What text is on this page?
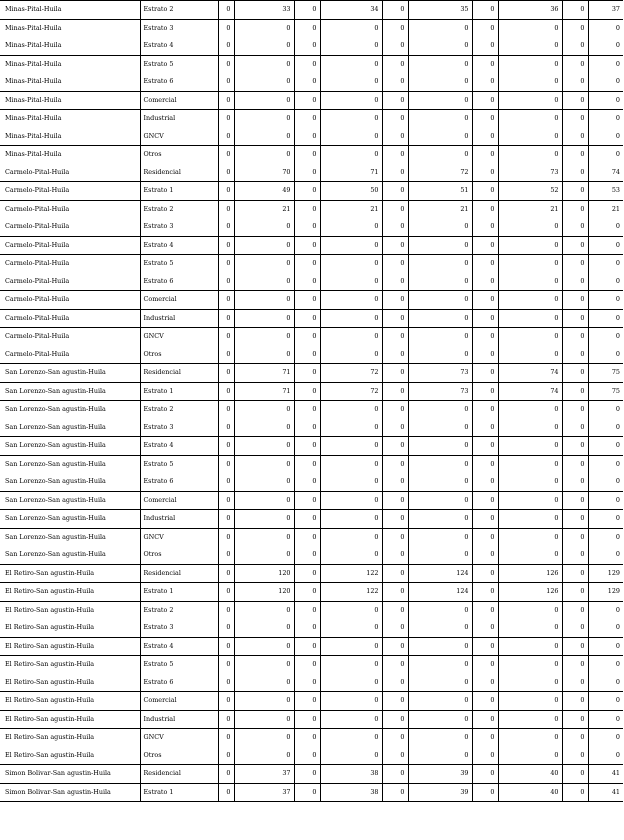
Minas-Pital-Huila	Estrato 2	0	33	0	34	0	35	0	36	0	37
Minas-Pital-Huila	Estrato 3	0	0	0	0	0	0	0	0	0	0
Minas-Pital-Huila	Estrato 4	0	0	0	0	0	0	0	0	0	0
Minas-Pital-Huila	Estrato 5	0	0	0	0	0	0	0	0	0	0
Minas-Pital-Huila	Estrato 6	0	0	0	0	0	0	0	0	0	0
Minas-Pital-Huila	Comercial	0	0	0	0	0	0	0	0	0	0
Minas-Pital-Huila	Industrial	0	0	0	0	0	0	0	0	0	0
Minas-Pital-Huila	GNCV	0	0	0	0	0	0	0	0	0	0
Minas-Pital-Huila	Otros	0	0	0	0	0	0	0	0	0	0
Carmelo-Pital-Huila	Residencial	0	70	0	71	0	72	0	73	0	74
Carmelo-Pital-Huila	Estrato 1	0	49	0	50	0	51	0	52	0	53
Carmelo-Pital-Huila	Estrato 2	0	21	0	21	0	21	0	21	0	21
Carmelo-Pital-Huila	Estrato 3	0	0	0	0	0	0	0	0	0	0
Carmelo-Pital-Huila	Estrato 4	0	0	0	0	0	0	0	0	0	0
Carmelo-Pital-Huila	Estrato 5	0	0	0	0	0	0	0	0	0	0
Carmelo-Pital-Huila	Estrato 6	0	0	0	0	0	0	0	0	0	0
Carmelo-Pital-Huila	Comercial	0	0	0	0	0	0	0	0	0	0
Carmelo-Pital-Huila	Industrial	0	0	0	0	0	0	0	0	0	0
Carmelo-Pital-Huila	GNCV	0	0	0	0	0	0	0	0	0	0
Carmelo-Pital-Huila	Otros	0	0	0	0	0	0	0	0	0	0
San Lorenzo-San agustin-Huila	Residencial	0	71	0	72	0	73	0	74	0	75
San Lorenzo-San agustin-Huila	Estrato 1	0	71	0	72	0	73	0	74	0	75
San Lorenzo-San agustin-Huila	Estrato 2	0	0	0	0	0	0	0	0	0	0
San Lorenzo-San agustin-Huila	Estrato 3	0	0	0	0	0	0	0	0	0	0
San Lorenzo-San agustin-Huila	Estrato 4	0	0	0	0	0	0	0	0	0	0
San Lorenzo-San agustin-Huila	Estrato 5	0	0	0	0	0	0	0	0	0	0
San Lorenzo-San agustin-Huila	Estrato 6	0	0	0	0	0	0	0	0	0	0
San Lorenzo-San agustin-Huila	Comercial	0	0	0	0	0	0	0	0	0	0
San Lorenzo-San agustin-Huila	Industrial	0	0	0	0	0	0	0	0	0	0
San Lorenzo-San agustin-Huila	GNCV	0	0	0	0	0	0	0	0	0	0
San Lorenzo-San agustin-Huila	Otros	0	0	0	0	0	0	0	0	0	0
El Retiro-San agustin-Huila	Residencial	0	120	0	122	0	124	0	126	0	129
El Retiro-San agustin-Huila	Estrato 1	0	120	0	122	0	124	0	126	0	129
El Retiro-San agustin-Huila	Estrato 2	0	0	0	0	0	0	0	0	0	0
El Retiro-San agustin-Huila	Estrato 3	0	0	0	0	0	0	0	0	0	0
El Retiro-San agustin-Huila	Estrato 4	0	0	0	0	0	0	0	0	0	0
El Retiro-San agustin-Huila	Estrato 5	0	0	0	0	0	0	0	0	0	0
El Retiro-San agustin-Huila	Estrato 6	0	0	0	0	0	0	0	0	0	0
El Retiro-San agustin-Huila	Comercial	0	0	0	0	0	0	0	0	0	0
El Retiro-San agustin-Huila	Industrial	0	0	0	0	0	0	0	0	0	0
El Retiro-San agustin-Huila	GNCV	0	0	0	0	0	0	0	0	0	0
El Retiro-San agustin-Huila	Otros	0	0	0	0	0	0	0	0	0	0
Simon Bolivar-San agustin-Huila	Residencial	0	37	0	38	0	39	0	40	0	41
Simon Bolivar-San agustin-Huila	Estrato 1	0	37	0	38	0	39	0	40	0	41
